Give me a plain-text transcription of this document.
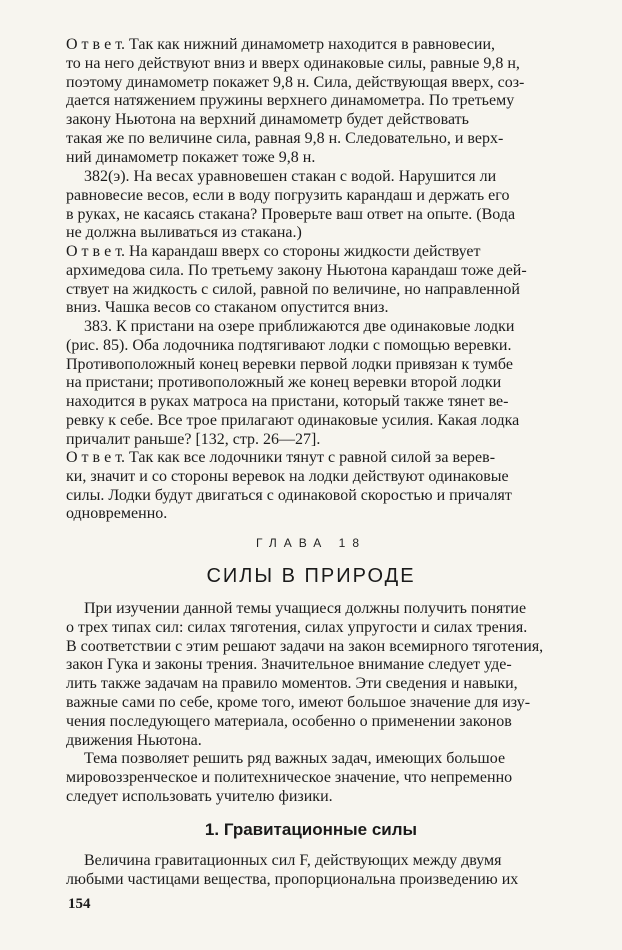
О т в е т. Так как нижний динамометр находится в равновесии,
то на него действуют вниз и вверх одинаковые силы, равные 9,8 н,
поэтому динамометр покажет 9,8 н. Сила, действующая вверх, соз-
дается натяжением пружины верхнего динамометра. По третьему
закону Ньютона на верхний динамометр будет действовать
такая же по величине сила, равная 9,8 н. Следовательно, и верх-
ний динамометр покажет тоже 9,8 н.

382(э). На весах уравновешен стакан с водой. Нарушится ли
равновесие весов, если в воду погрузить карандаш и держать его
в руках, не касаясь стакана? Проверьте ваш ответ на опыте. (Вода
не должна выливаться из стакана.)

О т в е т. На карандаш вверх со стороны жидкости действует
архимедова сила. По третьему закону Ньютона карандаш тоже дей-
ствует на жидкость с силой, равной по величине, но направленной
вниз. Чашка весов со стаканом опустится вниз.

383. К пристани на озере приближаются две одинаковые лодки
(рис. 85). Оба лодочника подтягивают лодки с помощью веревки.
Противоположный конец веревки первой лодки привязан к тумбе
на пристани; противоположный же конец веревки второй лодки
находится в руках матроса на пристани, который также тянет ве-
ревку к себе. Все трое прилагают одинаковые усилия. Какая лодка
причалит раньше? [132, стр. 26—27].

О т в е т. Так как все лодочники тянут с равной силой за верев-
ки, значит и со стороны веревок на лодки действуют одинаковые
силы. Лодки будут двигаться с одинаковой скоростью и причалят
одновременно.

ГЛАВА 18
СИЛЫ В ПРИРОДЕ

При изучении данной темы учащиеся должны получить понятие
о трех типах сил: силах тяготения, силах упругости и силах трения.
В соответствии с этим решают задачи на закон всемирного тяготения,
закон Гука и законы трения. Значительное внимание следует уде-
лить также задачам на правило моментов. Эти сведения и навыки,
важные сами по себе, кроме того, имеют большое значение для изу-
чения последующего материала, особенно о применении законов
движения Ньютона.

Тема позволяет решить ряд важных задач, имеющих большое
мировоззренческое и политехническое значение, что непременно
следует использовать учителю физики.

1. Гравитационные силы

Величина гравитационных сил F, действующих между двумя
любыми частицами вещества, пропорциональна произведению их

154
